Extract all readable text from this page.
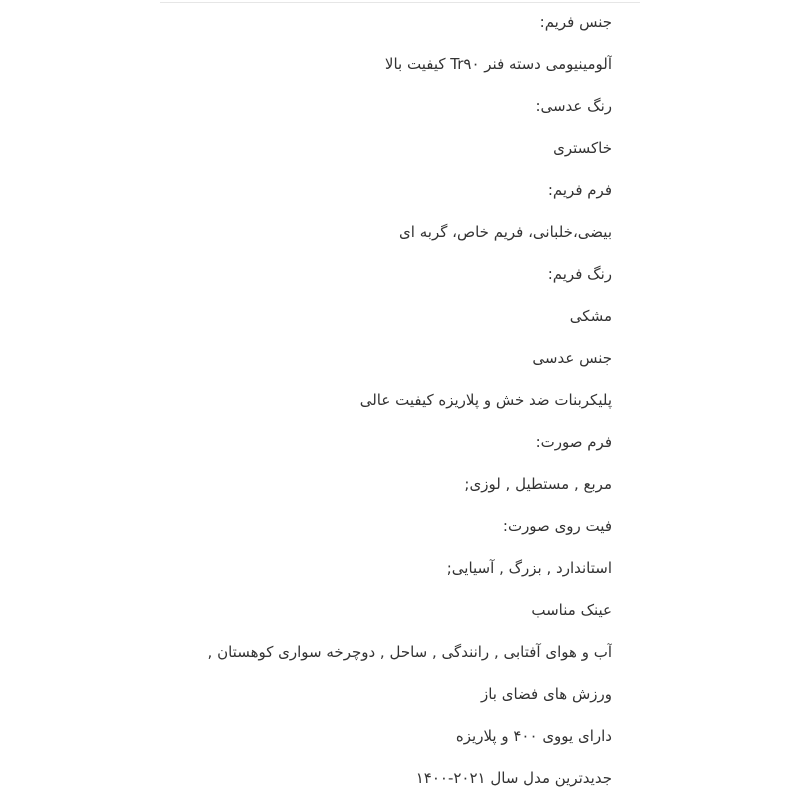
جنس فریم:
آلومینیومی دسته فنر Tr۹۰ کیفیت بالا
رنگ عدسی:
خاکستری
فرم فریم:
بیضی،خلبانی، فریم خاص، گربه ای
رنگ فریم:
مشکی
جنس عدسی
پلیکربنات ضد خش و پلاریزه کیفیت عالی
فرم صورت:
مربع , مستطیل , لوزی;
فیت روی صورت:
استاندارد , بزرگ , آسیایی;
عینک مناسب
آب و هوای آفتابی , رانندگی , ساحل , دوچرخه سواری کوهستان ,
ورزش های فضای باز
دارای یووی ۴۰۰ و پلاریزه
جدیدترین مدل سال ۲۰۲۱-۱۴۰۰
